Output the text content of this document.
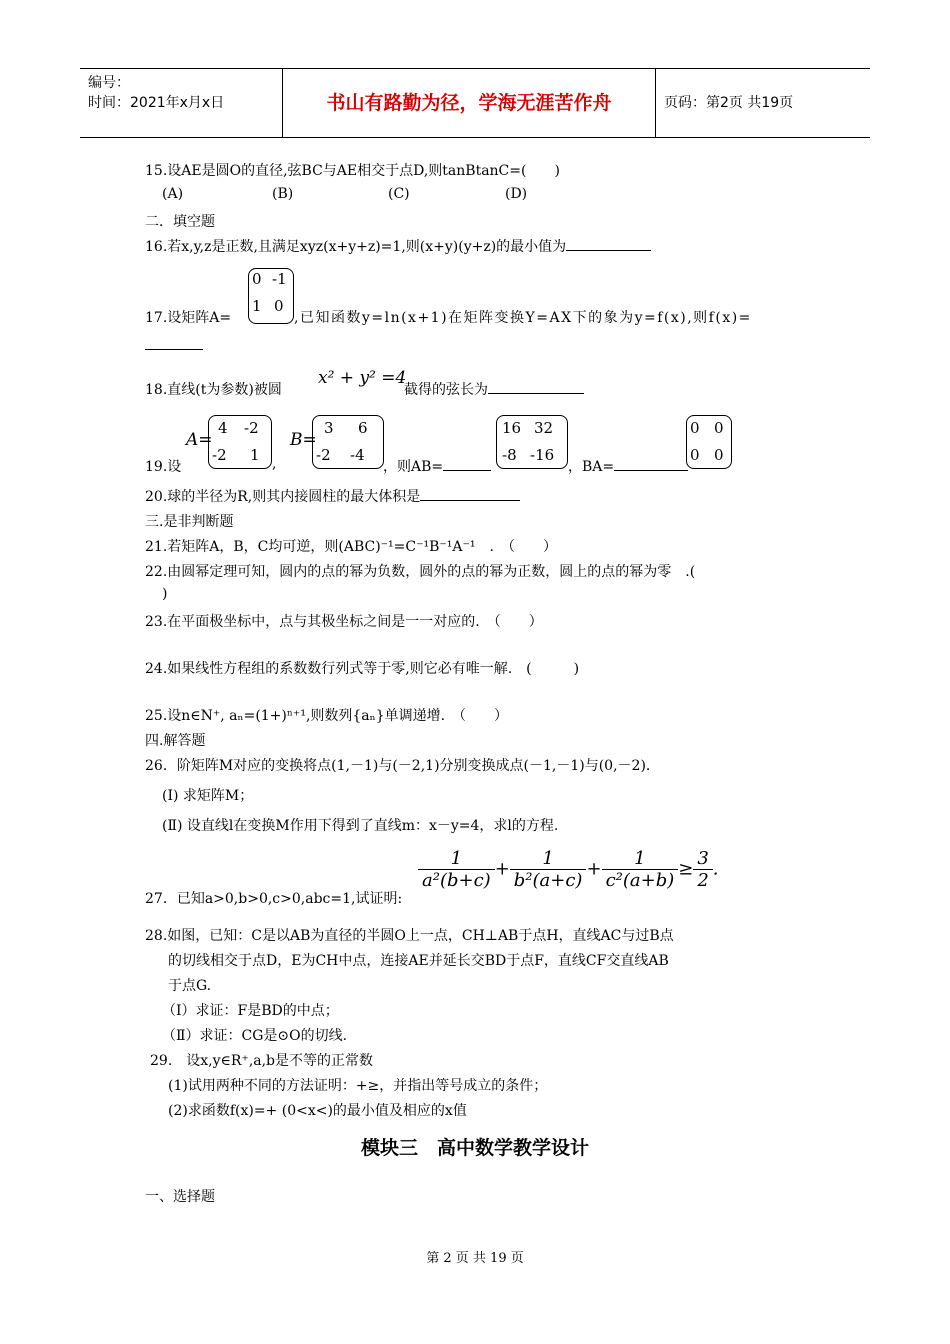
编号：
时间：2021年x月x日	书山有路勤为径，学海无涯苦作舟	页码：第2页 共19页
15.设AE是圆O的直径,弦BC与AE相交于点D,则tanBtanC=(　　)
(A)	(B)	(C)	(D)
二．填空题
16.若x,y,z是正数,且满足xyz(x+y+z)=1,则(x+y)(y+z)的最小值为
17.设矩阵A=
0 -1
1 0
,已知函数y=ln(x+1)在矩阵变换Y=AX下的象为y=f(x),则f(x)=
18.直线(t为参数)被圆
x² + y² =4
截得的弦长为
19.设
A=
4 -2
-2 1 ,
B=
3 6
-2 -4
，则AB=
16 32
-8 -16
，BA=
0 0
0 0
20.球的半径为R,则其内接圆柱的最大体积是
三.是非判断题
21.若矩阵A，B，C均可逆，则(ABC)⁻¹=C⁻¹B⁻¹A⁻¹　.　（　　）
22.由圆幂定理可知，圆内的点的幂为负数，圆外的点的幂为正数，圆上的点的幂为零　.(
)
23.在平面极坐标中，点与其极坐标之间是一一对应的.　（　　）
24.如果线性方程组的系数数行列式等于零,则它必有唯一解.　(　　　)
25.设n∈N⁺, aₙ=(1+)ⁿ⁺¹,则数列{aₙ}单调递增.　（　　）
四.解答题
26．阶矩阵M对应的变换将点(1,－1)与(－2,1)分别变换成点(－1,－1)与(0,－2).
(Ⅰ) 求矩阵M；
(Ⅱ) 设直线l在变换M作用下得到了直线m：x－y=4，求l的方程.
27．已知a>0,b>0,c>0,abc=1,试证明:
$\frac{1}{\text{a²(b+c)}} + \frac{1}{\text{b²(a+c)}} + \frac{1}{\text{c²(a+b)}} \ge \frac{3}{2}$ .
28.如图，已知：C是以AB为直径的半圆O上一点，CH⊥AB于点H，直线AC与过B点
的切线相交于点D，E为CH中点，连接AE并延长交BD于点F，直线CF交直线AB
于点G.
（Ⅰ）求证：F是BD的中点；
（Ⅱ）求证：CG是⊙O的切线.
29.　设x,y∈R⁺,a,b是不等的正常数
(1)试用两种不同的方法证明：+≥，并指出等号成立的条件；
(2)求函数f(x)=+ (0<x<)的最小值及相应的x值
模块三　高中数学教学设计
一、选择题
第 2 页 共 19 页
